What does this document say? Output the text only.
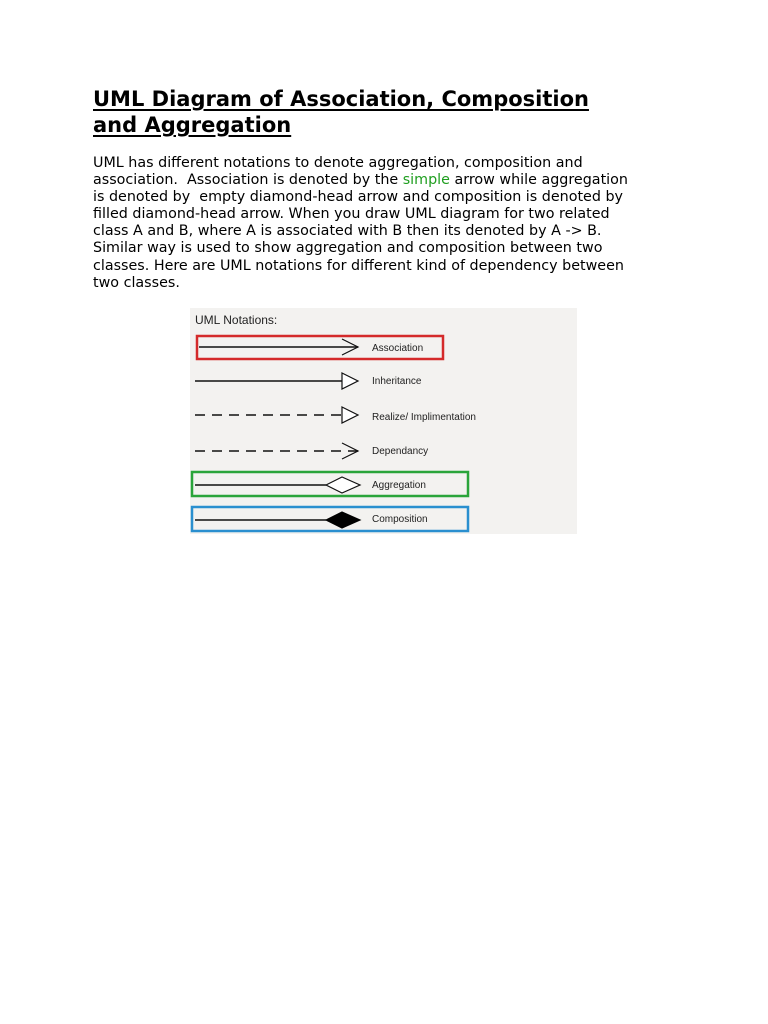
UML Diagram of Association, Composition
and Aggregation

UML has different notations to denote aggregation, composition and
association.  Association is denoted by the simple arrow while aggregation
is denoted by  empty diamond-head arrow and composition is denoted by
filled diamond-head arrow. When you draw UML diagram for two related
class A and B, where A is associated with B then its denoted by A -> B.
Similar way is used to show aggregation and composition between two
classes. Here are UML notations for different kind of dependency between
two classes.

UML Notations:
Association
Inheritance
Realize/ Implimentation
Dependancy
Aggregation
Composition
